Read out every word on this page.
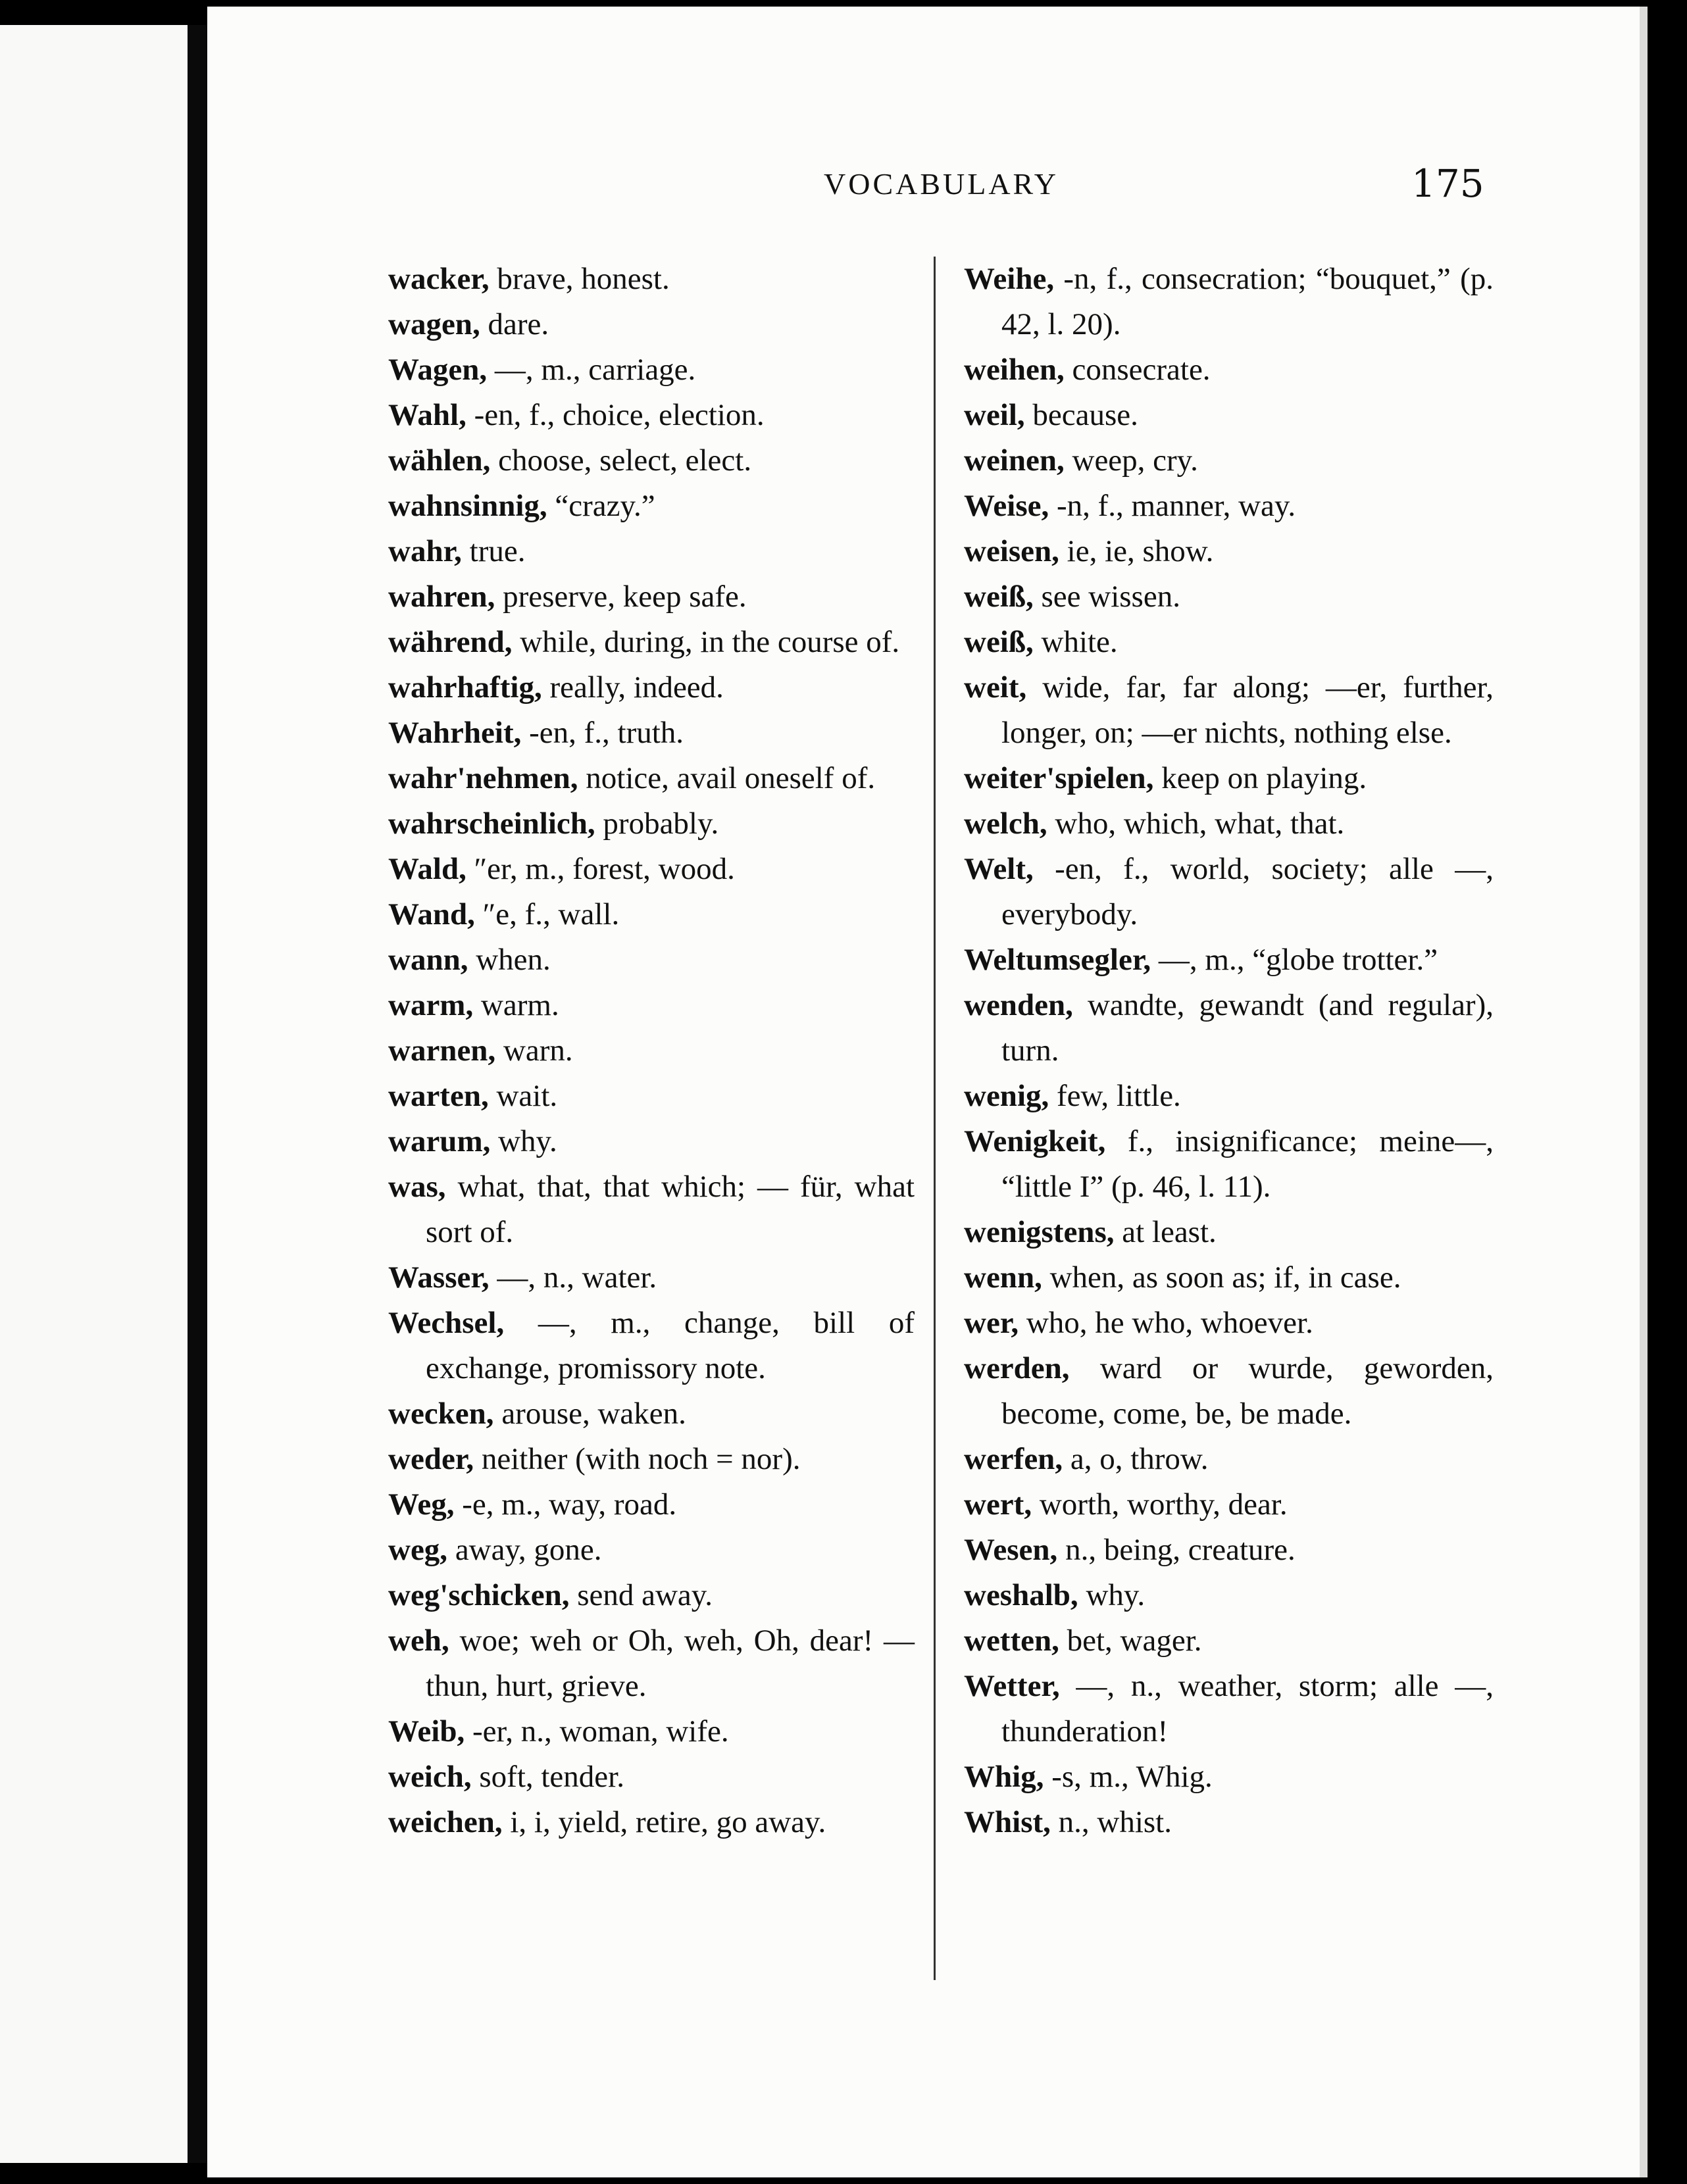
VOCABULARY	175
wacker, brave, honest.
wagen, dare.
Wagen, —, m., carriage.
Wahl, -en, f., choice, election.
wählen, choose, select, elect.
wahnsinnig, “crazy.”
wahr, true.
wahren, preserve, keep safe.
während, while, during, in the course of.
wahrhaftig, really, indeed.
Wahrheit, -en, f., truth.
wahr'nehmen, notice, avail oneself of.
wahrscheinlich, probably.
Wald, ″er, m., forest, wood.
Wand, ″e, f., wall.
wann, when.
warm, warm.
warnen, warn.
warten, wait.
warum, why.
was, what, that, that which; — für, what sort of.
Wasser, —, n., water.
Wechsel, —, m., change, bill of exchange, promissory note.
wecken, arouse, waken.
weder, neither (with noch = nor).
Weg, -e, m., way, road.
weg, away, gone.
weg'schicken, send away.
weh, woe; weh or Oh, weh, Oh, dear! — thun, hurt, grieve.
Weib, -er, n., woman, wife.
weich, soft, tender.
weichen, i, i, yield, retire, go away.
Weihe, -n, f., consecration; “bouquet,” (p. 42, l. 20).
weihen, consecrate.
weil, because.
weinen, weep, cry.
Weise, -n, f., manner, way.
weisen, ie, ie, show.
weiß, see wissen.
weiß, white.
weit, wide, far, far along; —er, further, longer, on; —er nichts, nothing else.
weiter'spielen, keep on playing.
welch, who, which, what, that.
Welt, -en, f., world, society; alle —, everybody.
Weltumsegler, —, m., “globe trotter.”
wenden, wandte, gewandt (and regular), turn.
wenig, few, little.
Wenigkeit, f., insignificance; meine—, “little I” (p. 46, l. 11).
wenigstens, at least.
wenn, when, as soon as; if, in case.
wer, who, he who, whoever.
werden, ward or wurde, geworden, become, come, be, be made.
werfen, a, o, throw.
wert, worth, worthy, dear.
Wesen, n., being, creature.
weshalb, why.
wetten, bet, wager.
Wetter, —, n., weather, storm; alle —, thunderation!
Whig, -s, m., Whig.
Whist, n., whist.
